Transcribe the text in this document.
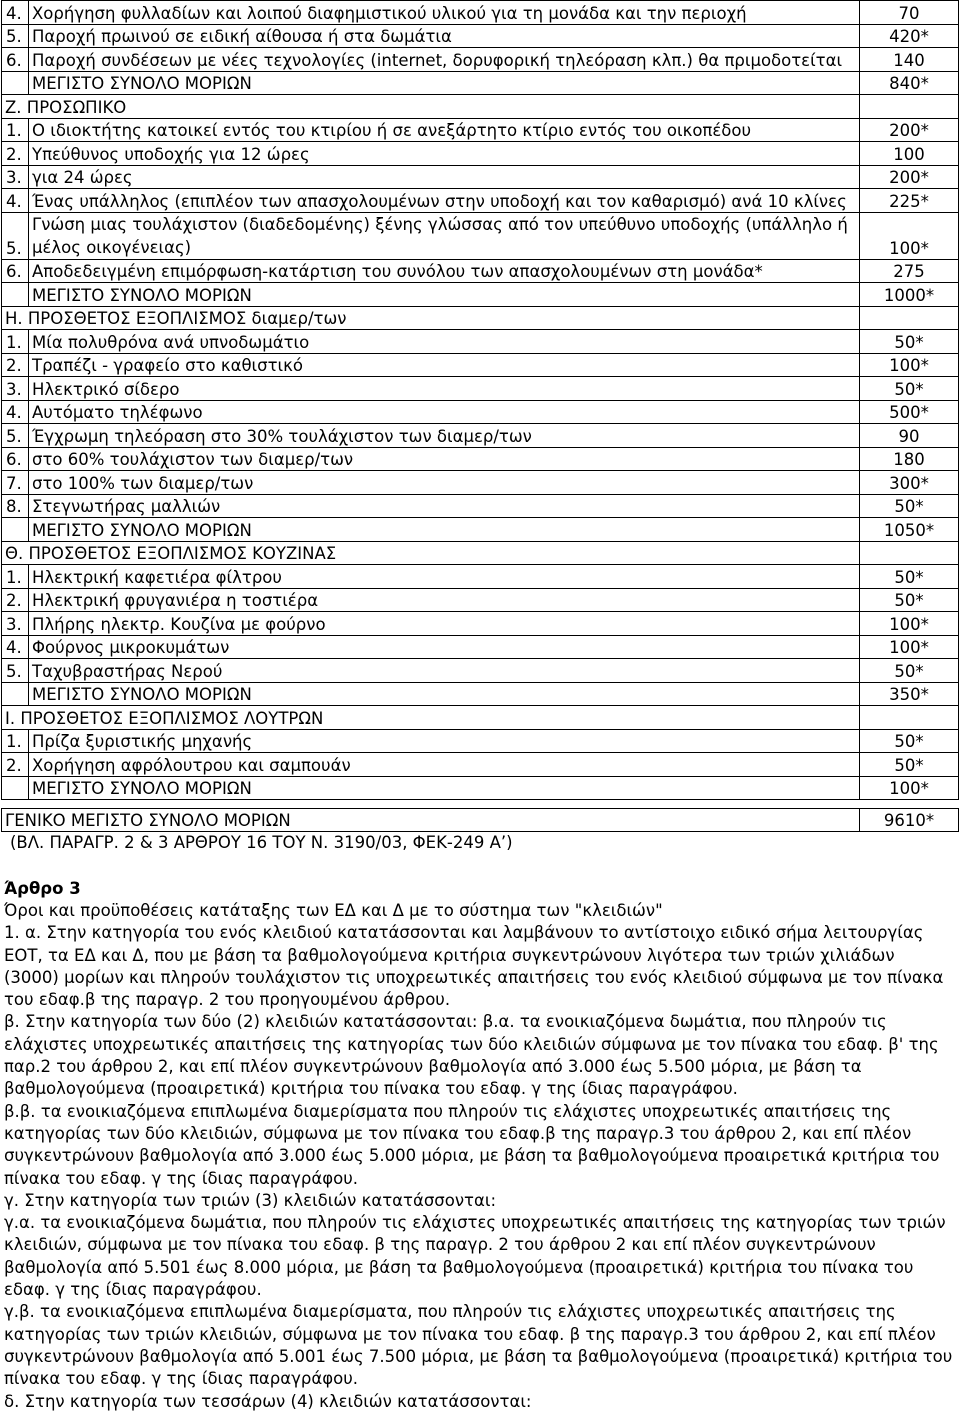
4.	Χορήγηση φυλλαδίων και λοιπού διαφημιστικού υλικού για τη μονάδα και την περιοχή	70
5.	Παροχή πρωινού σε ειδική αίθουσα ή στα δωμάτια	420*
6.	Παροχή συνδέσεων με νέες τεχνολογίες (internet, δορυφορική τηλεόραση κλπ.) θα πριμοδοτείται	140
	ΜΕΓΙΣΤΟ ΣΥΝΟΛΟ ΜΟΡΙΩΝ	840*
Ζ. ΠΡΟΣΩΠΙΚΟ		
1.	Ο ιδιοκτήτης κατοικεί εντός του κτιρίου ή σε ανεξάρτητο κτίριο εντός του οικοπέδου	200*
2.	Υπεύθυνος υποδοχής για 12 ώρες	100
3.	για 24 ώρες	200*
4.	Ένας υπάλληλος (επιπλέον των απασχολουμένων στην υποδοχή και τον καθαρισμό) ανά 10 κλίνες	225*
5.	Γνώση μιας τουλάχιστον (διαδεδομένης) ξένης γλώσσας από τον υπεύθυνο υποδοχής (υπάλληλο ή μέλος οικογένειας)	100*
6.	Αποδεδειγμένη επιμόρφωση-κατάρτιση του συνόλου των απασχολουμένων στη μονάδα*	275
	ΜΕΓΙΣΤΟ ΣΥΝΟΛΟ ΜΟΡΙΩΝ	1000*
Η. ΠΡΟΣΘΕΤΟΣ ΕΞΟΠΛΙΣΜΟΣ διαμερ/των		
1.	Μία πολυθρόνα ανά υπνοδωμάτιο	50*
2.	Τραπέζι - γραφείο στο καθιστικό	100*
3.	Ηλεκτρικό σίδερο	50*
4.	Αυτόματο τηλέφωνο	500*
5.	Έγχρωμη τηλεόραση στο 30% τουλάχιστον των διαμερ/των	90
6.	στο 60% τουλάχιστον των διαμερ/των	180
7.	στο 100% των διαμερ/των	300*
8.	Στεγνωτήρας μαλλιών	50*
	ΜΕΓΙΣΤΟ ΣΥΝΟΛΟ ΜΟΡΙΩΝ	1050*
Θ. ΠΡΟΣΘΕΤΟΣ ΕΞΟΠΛΙΣΜΟΣ ΚΟΥΖΙΝΑΣ		
1.	Ηλεκτρική καφετιέρα φίλτρου	50*
2.	Ηλεκτρική φρυγανιέρα η τοστιέρα	50*
3.	Πλήρης ηλεκτρ. Κουζίνα με φούρνο	100*
4.	Φούρνος μικροκυμάτων	100*
5.	Ταχυβραστήρας Νερού	50*
	ΜΕΓΙΣΤΟ ΣΥΝΟΛΟ ΜΟΡΙΩΝ	350*
Ι. ΠΡΟΣΘΕΤΟΣ ΕΞΟΠΛΙΣΜΟΣ ΛΟΥΤΡΩΝ		
1.	Πρίζα ξυριστικής μηχανής	50*
2.	Χορήγηση αφρόλουτρου και σαμπουάν	50*
	ΜΕΓΙΣΤΟ ΣΥΝΟΛΟ ΜΟΡΙΩΝ	100*

ΓΕΝΙΚΟ ΜΕΓΙΣΤΟ ΣΥΝΟΛΟ ΜΟΡΙΩΝ		9610*
(ΒΛ. ΠΑΡΑΓΡ. 2 & 3 ΑΡΘΡΟΥ 16 ΤΟΥ Ν. 3190/03, ΦΕΚ-249 Α’)
Άρθρο 3

Όροι και προϋποθέσεις κατάταξης των ΕΔ και Δ με το σύστημα των "κλειδιών"

1. α. Στην κατηγορία του ενός κλειδιού κατατάσσονται και λαμβάνουν το αντίστοιχο ειδικό σήμα λειτουργίας ΕΟΤ, τα ΕΔ και Δ, που με βάση τα βαθμολογούμενα κριτήρια συγκεντρώνουν λιγότερα των τριών χιλιάδων (3000) μορίων και πληρούν τουλάχιστον τις υποχρεωτικές απαιτήσεις του ενός κλειδιού σύμφωνα με τον πίνακα του εδαφ.β της παραγρ. 2 του προηγουμένου άρθρου.

β. Στην κατηγορία των δύο (2) κλειδιών κατατάσσονται: β.α. τα ενοικιαζόμενα δωμάτια, που πληρούν τις ελάχιστες υποχρεωτικές απαιτήσεις της κατηγορίας των δύο κλειδιών σύμφωνα με τον πίνακα του εδαφ. β' της παρ.2 του άρθρου 2, και επί πλέον συγκεντρώνουν βαθμολογία από 3.000 έως 5.500 μόρια, με βάση τα βαθμολογούμενα (προαιρετικά) κριτήρια του πίνακα του εδαφ. γ της ίδιας παραγράφου.

β.β. τα ενοικιαζόμενα επιπλωμένα διαμερίσματα που πληρούν τις ελάχιστες υποχρεωτικές απαιτήσεις της κατηγορίας των δύο κλειδιών, σύμφωνα με τον πίνακα του εδαφ.β της παραγρ.3 του άρθρου 2, και επί πλέον συγκεντρώνουν βαθμολογία από 3.000 έως 5.000 μόρια, με βάση τα βαθμολογούμενα προαιρετικά κριτήρια του πίνακα του εδαφ. γ της ίδιας παραγράφου.

γ. Στην κατηγορία των τριών (3) κλειδιών κατατάσσονται:

γ.α. τα ενοικιαζόμενα δωμάτια, που πληρούν τις ελάχιστες υποχρεωτικές απαιτήσεις της κατηγορίας των τριών κλειδιών, σύμφωνα με τον πίνακα του εδαφ. β της παραγρ. 2 του άρθρου 2 και επί πλέον συγκεντρώνουν βαθμολογία από 5.501 έως 8.000 μόρια, με βάση τα βαθμολογούμενα (προαιρετικά) κριτήρια του πίνακα του εδαφ. γ της ίδιας παραγράφου.

γ.β. τα ενοικιαζόμενα επιπλωμένα διαμερίσματα, που πληρούν τις ελάχιστες υποχρεωτικές απαιτήσεις της κατηγορίας των τριών κλειδιών, σύμφωνα με τον πίνακα του εδαφ. β της παραγρ.3 του άρθρου 2, και επί πλέον συγκεντρώνουν βαθμολογία από 5.001 έως 7.500 μόρια, με βάση τα βαθμολογούμενα (προαιρετικά) κριτήρια του πίνακα του εδαφ. γ της ίδιας παραγράφου.

δ. Στην κατηγορία των τεσσάρων (4) κλειδιών κατατάσσονται:
